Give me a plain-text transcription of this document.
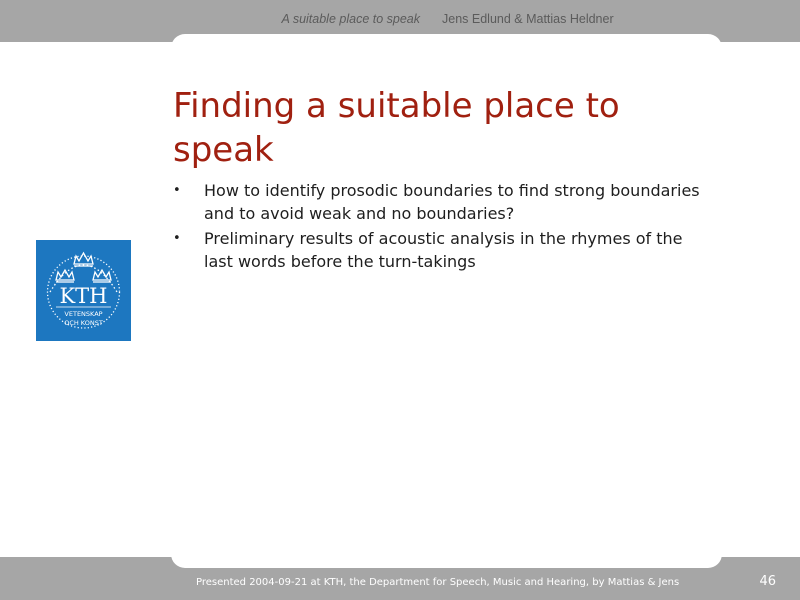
A suitable place to speak Jens Edlund & Mattias Heldner
Finding a suitable place to speak
• How to identify prosodic boundaries to find strong boundaries and to avoid weak and no boundaries?
• Preliminary results of acoustic analysis in the rhymes of the last words before the turn-takings
KTH
VETENSKAP
OCH KONST
Presented 2004-09-21 at KTH, the Department for Speech, Music and Hearing, by Mattias & Jens	46
